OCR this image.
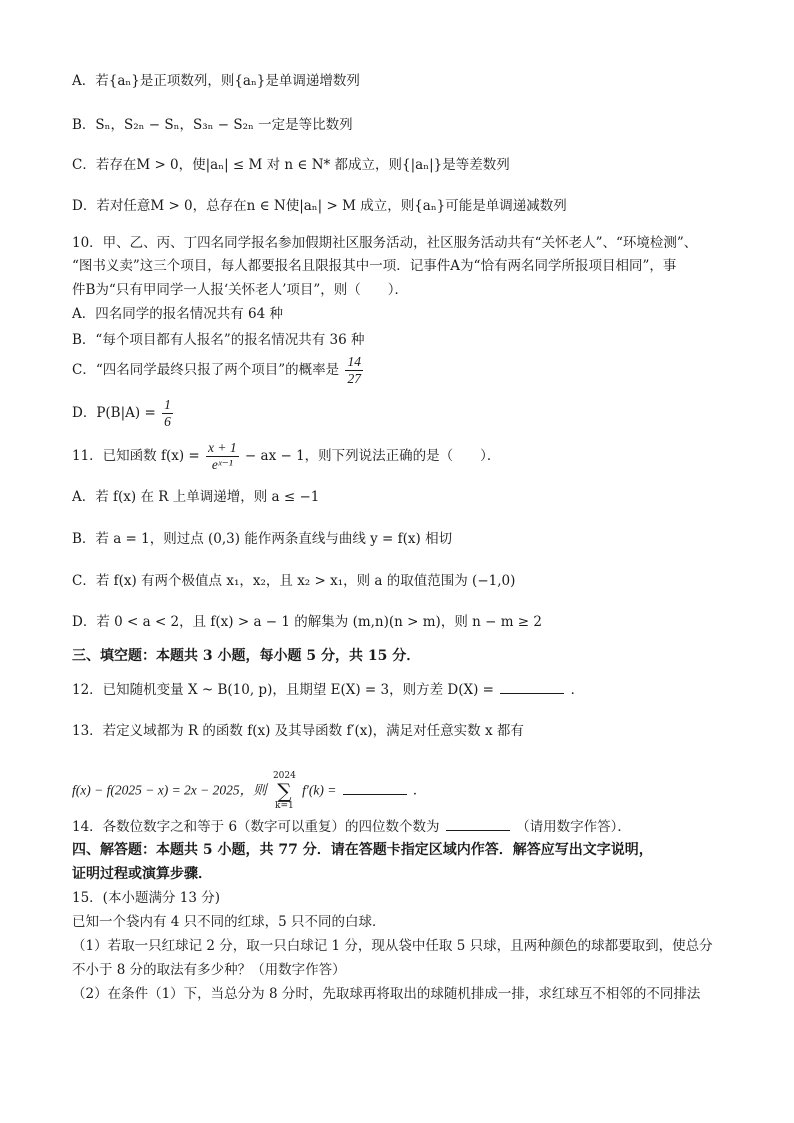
A．若{aₙ}是正项数列，则{aₙ}是单调递增数列
B．Sₙ，S₂ₙ − Sₙ，S₃ₙ − S₂ₙ 一定是等比数列
C．若存在M > 0，使|aₙ| ≤ M 对 n ∈ N* 都成立，则{|aₙ|}是等差数列
D．若对任意M > 0，总存在n ∈ N使|aₙ| > M 成立，则{aₙ}可能是单调递减数列
10．甲、乙、丙、丁四名同学报名参加假期社区服务活动，社区服务活动共有“关怀老人”、“环境检测”、
“图书义卖”这三个项目，每人都要报名且限报其中一项．记事件A为“恰有两名同学所报项目相同”，事
件B为“只有甲同学一人报‘关怀老人’项目”，则（　　）．
A．四名同学的报名情况共有 64 种
B．“每个项目都有人报名”的报名情况共有 36 种
C．“四名同学最终只报了两个项目”的概率是 $\frac{14}{27}$
D．$P(B|A) = \frac{1}{6}$
11．已知函数 $f(x) = \frac{x + 1}{\text{eˣ⁻¹}}$ − ax − 1，则下列说法正确的是（　　）．
A．若 f(x) 在 R 上单调递增，则 a ≤ −1
B．若 a = 1，则过点 (0,3) 能作两条直线与曲线 y = f(x) 相切
C．若 f(x) 有两个极值点 x₁，x₂，且 x₂ > x₁，则 a 的取值范围为 (−1,0)
D．若 0 < a < 2，且 f(x) > a − 1 的解集为 (m,n)(n > m)，则 n − m ≥ 2
三、填空题：本题共 3 小题，每小题 5 分，共 15 分．
12．已知随机变量 X ~ B(10, p)，且期望 E(X) = 3，则方差 D(X) =	．
13．若定义域都为 R 的函数 f(x) 及其导函数 f′(x)，满足对任意实数 x 都有
f(x) − f(2025 − x) = 2x − 2025，则
2024
∑
k=1
f′(k) =	．
14．各数位数字之和等于 6（数字可以重复）的四位数个数为	（请用数字作答）．
四、解答题：本题共 5 小题，共 77 分．请在答题卡指定区域内作答．解答应写出文字说明，
证明过程或演算步骤．
15．(本小题满分 13 分)
已知一个袋内有 4 只不同的红球，5 只不同的白球．
（1）若取一只红球记 2 分，取一只白球记 1 分，现从袋中任取 5 只球，且两种颜色的球都要取到，使总分
不小于 8 分的取法有多少种？（用数字作答）
（2）在条件（1）下，当总分为 8 分时，先取球再将取出的球随机排成一排，求红球互不相邻的不同排法
